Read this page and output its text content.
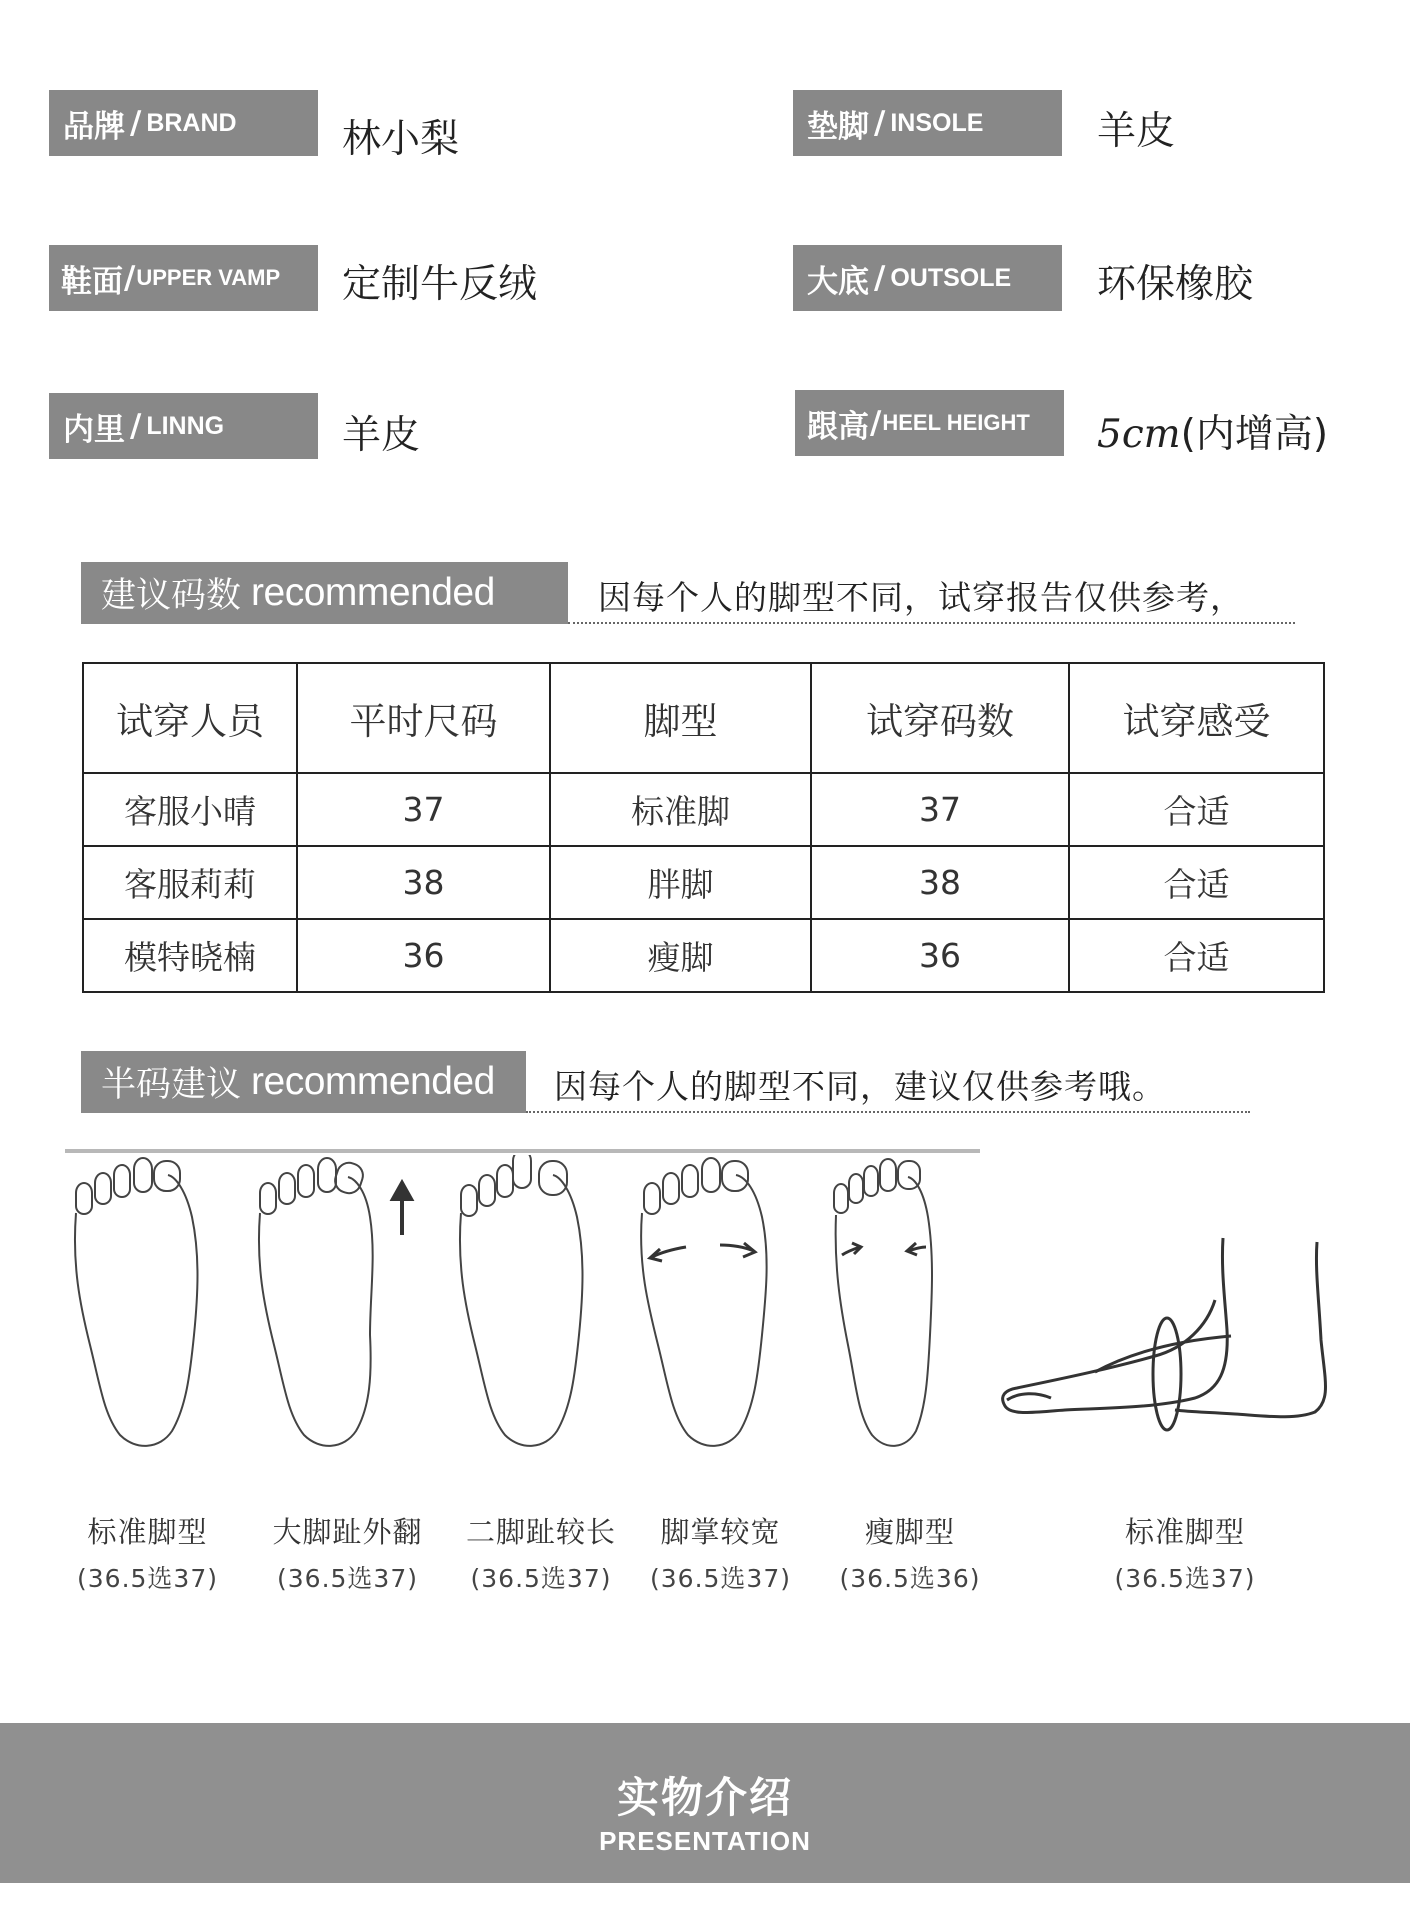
品牌 / BRAND	林小梨	垫脚 / INSOLE	羊皮
鞋面 / UPPER VAMP 定制牛反绒	大底 / OUTSOLE 环保橡胶
内里 / LINNG	羊皮	跟高 / HEEL HEIGHT 5cm(内增高)
建议码数 recommended	因每个人的脚型不同，试穿报告仅供参考，
试穿人员	平时尺码	脚型	试穿码数	试穿感受
客服小晴	37	标准脚	37	合适
客服莉莉	38	胖脚	38	合适
模特晓楠	36	瘦脚	36	合适
半码建议 recommended	因每个人的脚型不同，建议仅供参考哦。
标准脚型
(36.5选37)
大脚趾外翻
(36.5选37)
二脚趾较长
(36.5选37)
脚掌较宽
(36.5选37)
瘦脚型
(36.5选36)
标准脚型
(36.5选37)
实物介绍
PRESENTATION
